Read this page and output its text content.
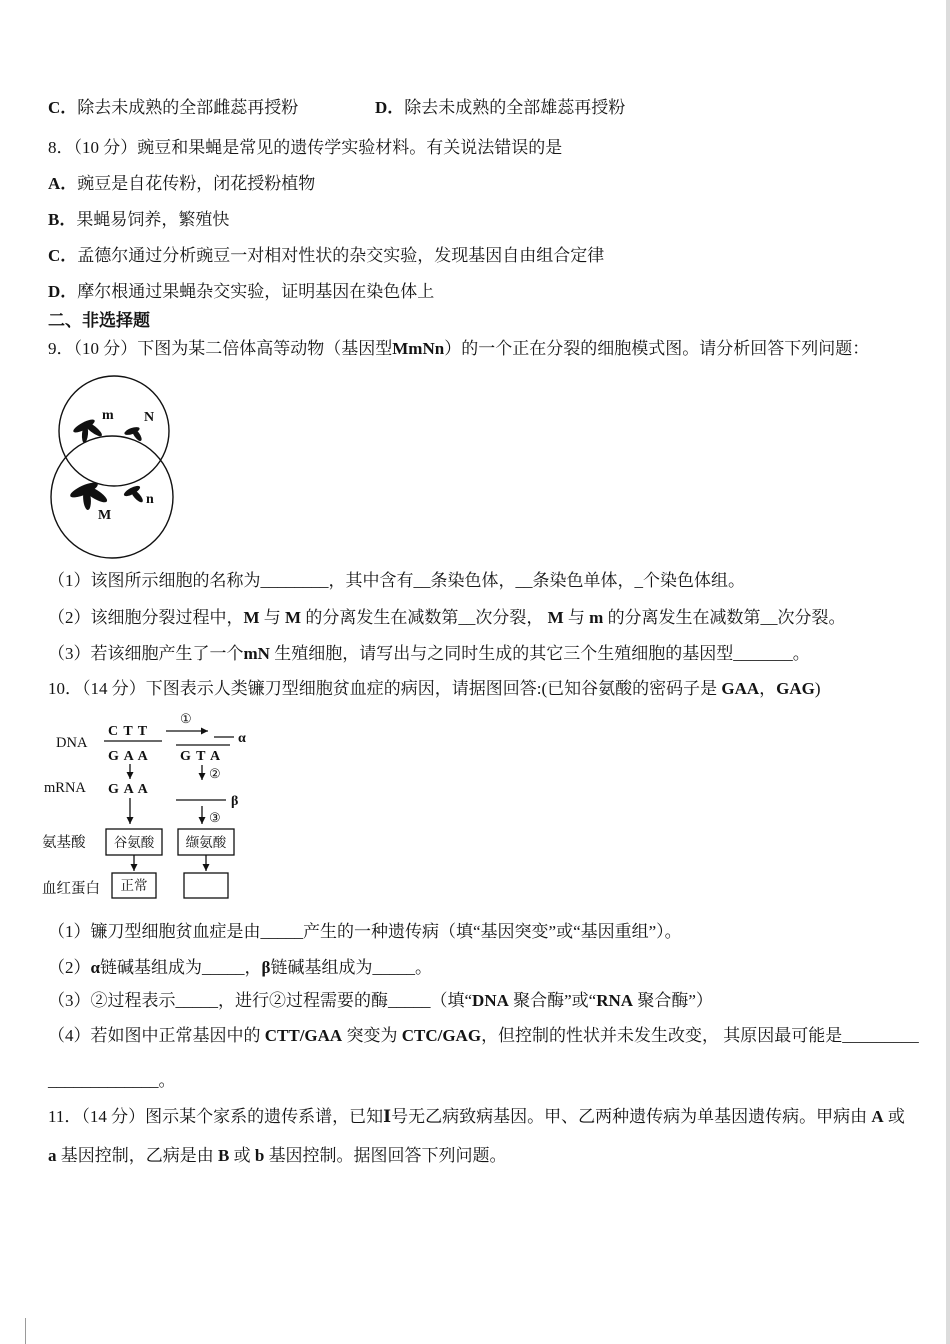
C．除去未成熟的全部雌蕊再授粉	D．除去未成熟的全部雄蕊再授粉

8．（10 分）豌豆和果蝇是常见的遗传学实验材料。有关说法错误的是

A．豌豆是自花传粉，闭花授粉植物

B．果蝇易饲养，繁殖快

C．孟德尔通过分析豌豆一对相对性状的杂交实验，发现基因自由组合定律

D．摩尔根通过果蝇杂交实验，证明基因在染色体上

二、非选择题

9．（10 分）下图为某二倍体高等动物（基因型MmNn）的一个正在分裂的细胞模式图。请分析回答下列问题：

m N
M
n

（1）该图所示细胞的名称为________，其中含有__条染色体，__条染色单体，_个染色体组。

（2）该细胞分裂过程中，M 与 M 的分离发生在减数第__次分裂， M 与 m 的分离发生在减数第__次分裂。

（3）若该细胞产生了一个mN 生殖细胞，请写出与之同时生成的其它三个生殖细胞的基因型_______。

10．（14 分）下图表示人类镰刀型细胞贫血症的病因，请据图回答:(已知谷氨酸的密码子是 GAA，GAG)

DNA
C T T
G A A
①
α
G T A
②
mRNA G A A
β
③
氨基酸 谷氨酸 缬氨酸
血红蛋白 正常

（1）镰刀型细胞贫血症是由_____产生的一种遗传病（填“基因突变”或“基因重组”）。

（2）α链碱基组成为_____，β链碱基组成为_____。

（3）②过程表示_____，进行②过程需要的酶_____（填“DNA 聚合酶”或“RNA 聚合酶”）

（4）若如图中正常基因中的 CTT/GAA 突变为 CTC/GAG，但控制的性状并未发生改变， 其原因最可能是_________

_____________。

11．（14 分）图示某个家系的遗传系谱，已知Ⅰ号无乙病致病基因。甲、乙两种遗传病为单基因遗传病。甲病由 A 或

a 基因控制，乙病是由 B 或 b 基因控制。据图回答下列问题。
